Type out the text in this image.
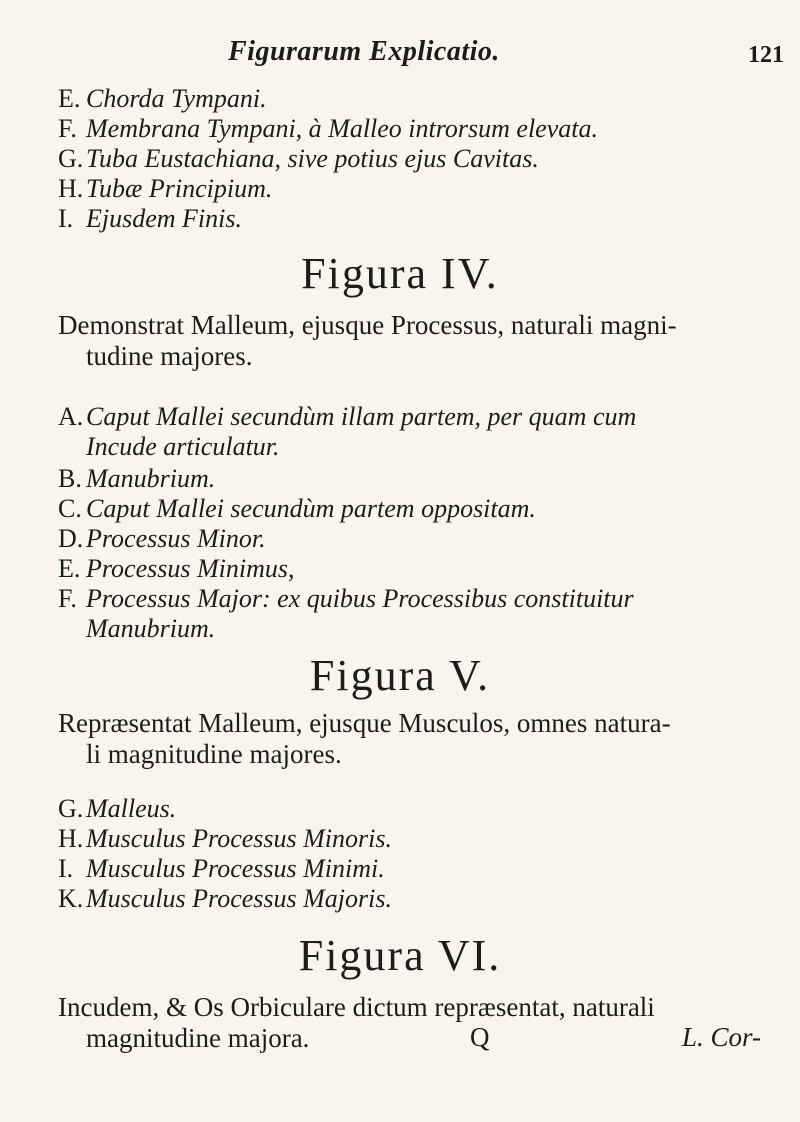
Figurarum Explicatio.	121
E. Chorda Tympani.
F. Membrana Tympani, à Malleo introrsum elevata.
G. Tuba Eustachiana, sive potius ejus Cavitas.
H. Tubæ Principium.
I. Ejusdem Finis.
Figura IV.
Demonstrat Malleum, ejusque Processus, naturali magni-
tudine majores.
A. Caput Mallei secundùm illam partem, per quam cum
Incude articulatur.
B. Manubrium.
C. Caput Mallei secundùm partem oppositam.
D. Processus Minor.
E. Processus Minimus,
F. Processus Major: ex quibus Processibus constituitur
Manubrium.
Figura V.
Repræsentat Malleum, ejusque Musculos, omnes natura-
li magnitudine majores.
G. Malleus.
H. Musculus Processus Minoris.
I. Musculus Processus Minimi.
K. Musculus Processus Majoris.
Figura VI.
Incudem, & Os Orbiculare dictum repræsentat, naturali
magnitudine majora.	Q	L. Cor-
